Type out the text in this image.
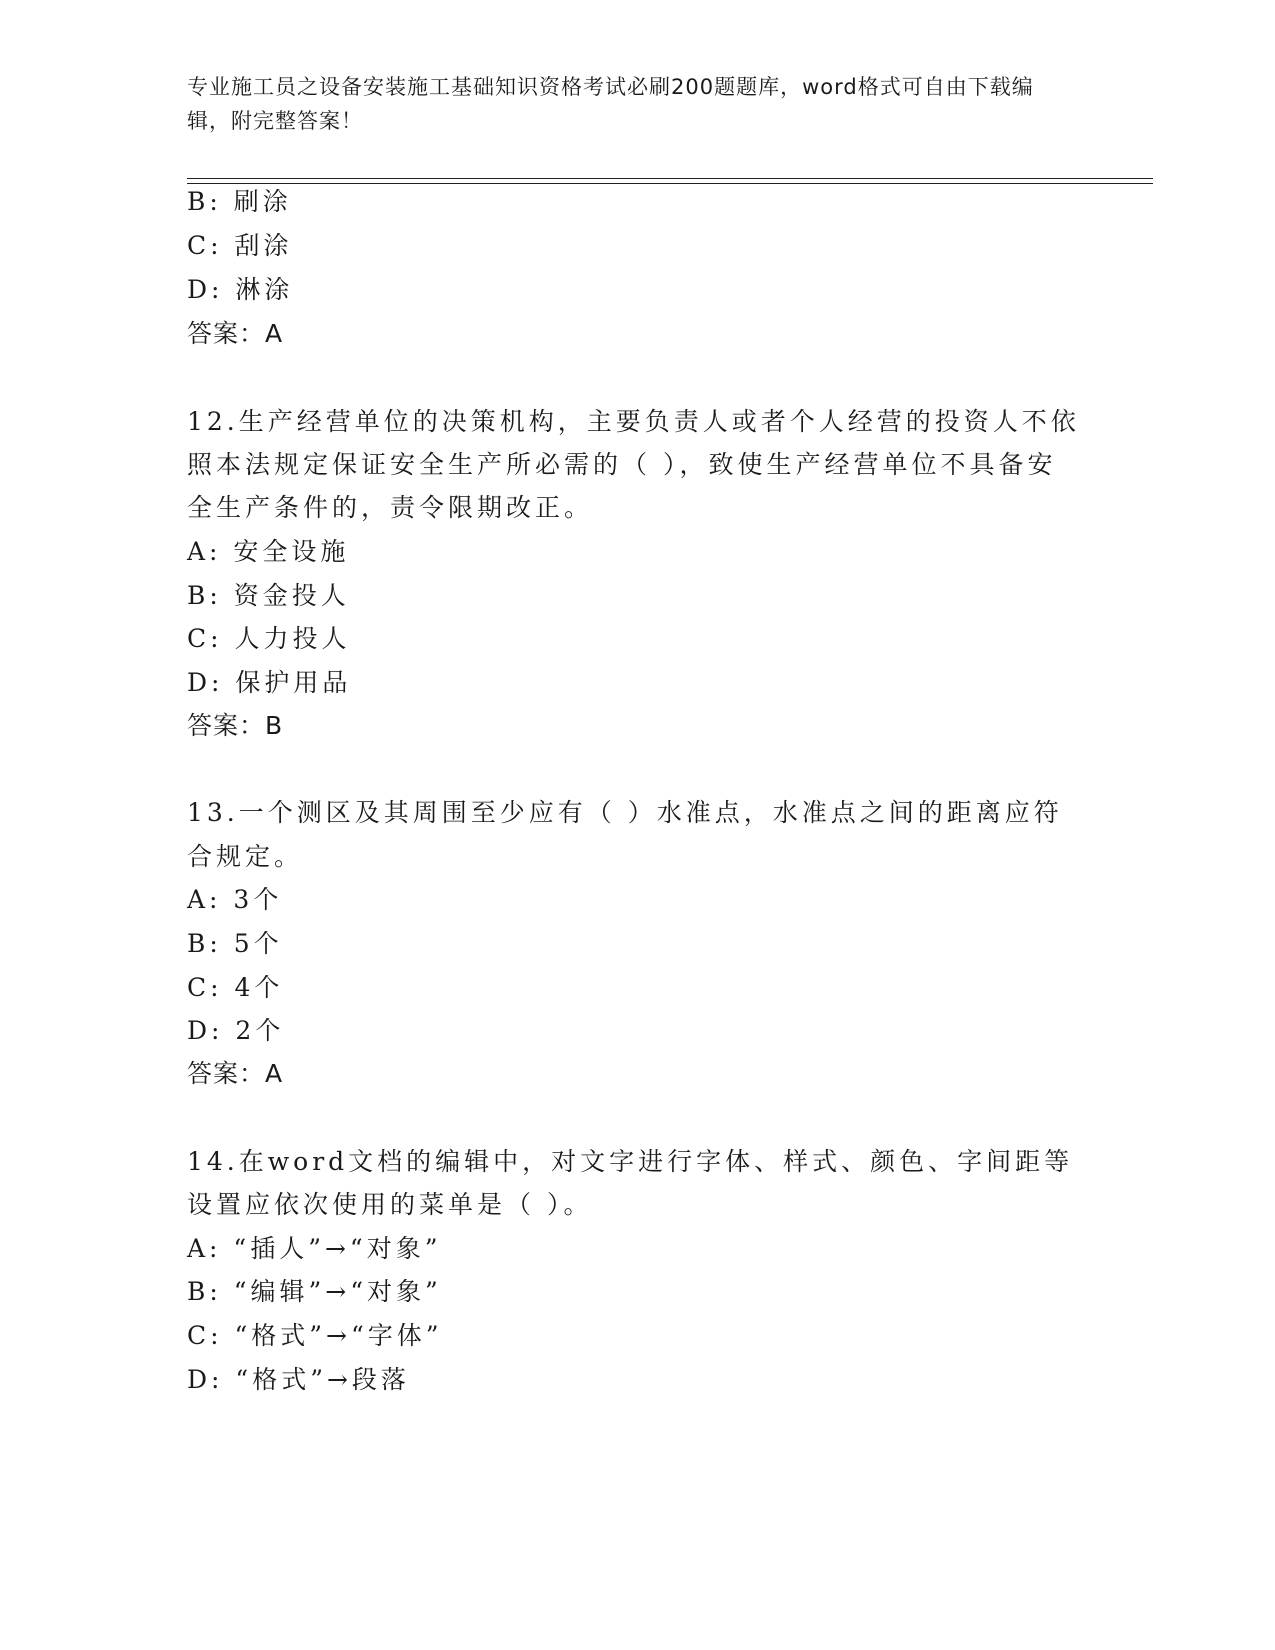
专业施工员之设备安装施工基础知识资格考试必刷200题题库，word格式可自由下载编辑，附完整答案！
B: 刷涂
C: 刮涂
D: 淋涂
答案：A
12.生产经营单位的决策机构，主要负责人或者个人经营的投资人不依
照本法规定保证安全生产所必需的（ ），致使生产经营单位不具备安
全生产条件的，责令限期改正。
A: 安全设施
B: 资金投人
C: 人力投人
D: 保护用品
答案：B
13.一个测区及其周围至少应有（ ）水准点，水准点之间的距离应符
合规定。
A: 3个
B: 5个
C: 4个
D: 2个
答案：A
14.在word文档的编辑中，对文字进行字体、样式、颜色、字间距等
设置应依次使用的菜单是（ ）。
A: “插人”→“对象”
B: “编辑”→“对象”
C: “格式”→“字体”
D: “格式”→段落
